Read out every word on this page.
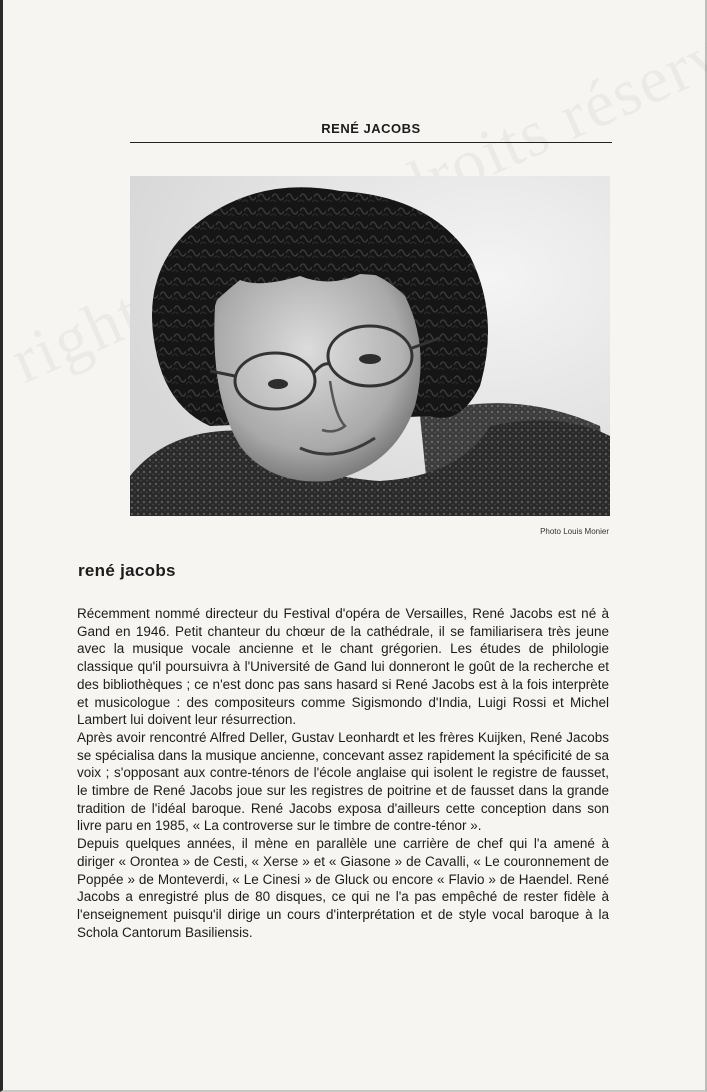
RENÉ JACOBS
Photo Louis Monier
rené jacobs

Récemment nommé directeur du Festival d'opéra de Versailles, René Jacobs est né à Gand en 1946. Petit chanteur du chœur de la cathédrale, il se familiarisera très jeune avec la musique vocale ancienne et le chant grégorien. Les études de philologie classique qu'il poursuivra à l'Université de Gand lui donneront le goût de la recherche et des bibliothèques ; ce n'est donc pas sans hasard si René Jacobs est à la fois interprète et musicologue : des compositeurs comme Sigismondo d'India, Luigi Rossi et Michel Lambert lui doivent leur résurrection.

Après avoir rencontré Alfred Deller, Gustav Leonhardt et les frères Kuijken, René Jacobs se spécialisa dans la musique ancienne, concevant assez rapidement la spécificité de sa voix ; s'opposant aux contre-ténors de l'école anglaise qui isolent le registre de fausset, le timbre de René Jacobs joue sur les registres de poitrine et de fausset dans la grande tradition de l'idéal baroque. René Jacobs exposa d'ailleurs cette conception dans son livre paru en 1985, « La controverse sur le timbre de contre-ténor ».

Depuis quelques années, il mène en parallèle une carrière de chef qui l'a amené à diriger « Orontea » de Cesti, « Xerse » et « Giasone » de Cavalli, « Le couronnement de Poppée » de Monteverdi, « Le Cinesi » de Gluck ou encore « Flavio » de Haendel. René Jacobs a enregistré plus de 80 disques, ce qui ne l'a pas empêché de rester fidèle à l'enseignement puisqu'il dirige un cours d'interprétation et de style vocal baroque à la Schola Cantorum Basiliensis.
